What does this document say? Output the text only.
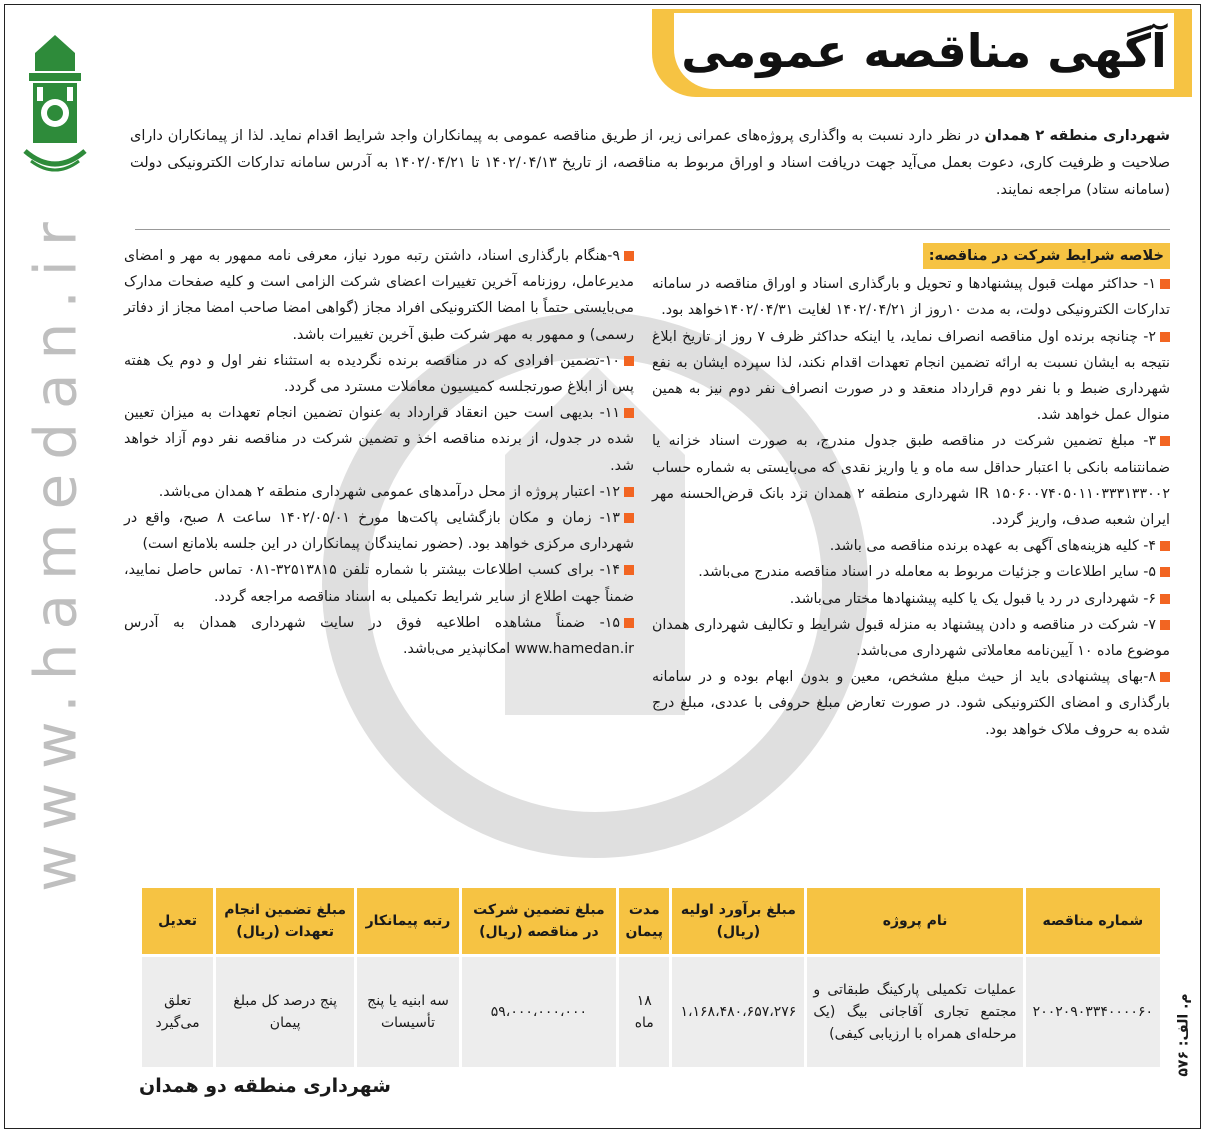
آگهی مناقصه عمومی
www.hamedan.ir
شهرداری منطقه ۲ همدان در نظر دارد نسبت به واگذاری پروژه‌های عمرانی زیر، از طریق مناقصه عمومی به پیمانکاران واجد شرایط اقدام نماید. لذا از پیمانکاران دارای صلاحیت و ظرفیت کاری، دعوت بعمل می‌آید جهت دریافت اسناد و اوراق مربوط به مناقصه، از تاریخ ۱۴۰۲/۰۴/۱۳ تا ۱۴۰۲/۰۴/۲۱ به آدرس سامانه تدارکات الکترونیکی دولت (سامانه ستاد) مراجعه نمایند.
خلاصه شرایط شرکت در مناقصه:

۱- حداکثر مهلت قبول پیشنهادها و تحویل و بارگذاری اسناد و اوراق مناقصه در سامانه تدارکات الکترونیکی دولت، به مدت ۱۰روز از ۱۴۰۲/۰۴/۲۱ لغایت ۱۴۰۲/۰۴/۳۱خواهد بود.

۲- چنانچه برنده اول مناقصه انصراف نماید، یا اینکه حداکثر ظرف ۷ روز از تاریخ ابلاغ نتیجه به ایشان نسبت به ارائه تضمین انجام تعهدات اقدام نکند، لذا سپرده ایشان به نفع شهرداری ضبط و با نفر دوم قرارداد منعقد و در صورت انصراف نفر دوم نیز به همین منوال عمل خواهد شد.

۳- مبلغ تضمین شرکت در مناقصه طبق جدول مندرج، به صورت اسناد خزانه یا ضمانتنامه بانکی با اعتبار حداقل سه ماه و یا واریز نقدی که می‌بایستی به شماره حساب IR ۱۵۰۶۰۰۷۴۰۵۰۱۱۰۳۳۳۱۳۳۰۰۲ شهرداری منطقه ۲ همدان نزد بانک قرض‌الحسنه مهر ایران شعبه صدف، واریز گردد.

۴- کلیه هزینه‌های آگهی به عهده برنده مناقصه می باشد.

۵- سایر اطلاعات و جزئیات مربوط به معامله در اسناد مناقصه مندرج می‌باشد.

۶- شهرداری در رد یا قبول یک یا کلیه پیشنهادها مختار می‌باشد.

۷- شرکت در مناقصه و دادن پیشنهاد به منزله قبول شرایط و تکالیف شهرداری همدان موضوع ماده ۱۰ آیین‌نامه معاملاتی شهرداری می‌باشد.

۸-بهای پیشنهادی باید از حیث مبلغ مشخص، معین و بدون ابهام بوده و در سامانه بارگذاری و امضای الکترونیکی شود. در صورت تعارض مبلغ حروفی با عددی، مبلغ درج شده به حروف ملاک خواهد بود.

۹-هنگام بارگذاری اسناد، داشتن رتبه مورد نیاز، معرفی نامه ممهور به مهر و امضای مدیرعامل، روزنامه آخرین تغییرات اعضای شرکت الزامی است و کلیه صفحات مدارک می‌بایستی حتماً با امضا الکترونیکی افراد مجاز (گواهی امضا صاحب امضا مجاز از دفاتر رسمی) و ممهور به مهر شرکت طبق آخرین تغییرات باشد.

۱۰-تضمین افرادی که در مناقصه برنده نگردیده به استثناء نفر اول و دوم یک هفته پس از ابلاغ صورتجلسه کمیسیون معاملات مسترد می گردد.

۱۱- بدیهی است حین انعقاد قرارداد به عنوان تضمین انجام تعهدات به میزان تعیین شده در جدول، از برنده مناقصه اخذ و تضمین شرکت در مناقصه نفر دوم آزاد خواهد شد.

۱۲- اعتبار پروژه از محل درآمدهای عمومی شهرداری منطقه ۲ همدان می‌باشد.

۱۳- زمان و مکان بازگشایی پاکت‌ها مورخ ۱۴۰۲/۰۵/۰۱ ساعت ۸ صبح، واقع در شهرداری مرکزی خواهد بود. (حضور نمایندگان پیمانکاران در این جلسه بلامانع است)

۱۴- برای کسب اطلاعات بیشتر با شماره تلفن ۳۲۵۱۳۸۱۵-۰۸۱ تماس حاصل نمایید، ضمناً جهت اطلاع از سایر شرایط تکمیلی به اسناد مناقصه مراجعه گردد.

۱۵- ضمناً مشاهده اطلاعیه فوق در سایت شهرداری همدان به آدرس www.hamedan.ir امکانپذیر می‌باشد.

شماره مناقصه	نام پروژه	مبلغ برآورد اولیه (ریال)	مدت پیمان	مبلغ تضمین شرکت در مناقصه (ریال)	رتبه پیمانکار	مبلغ تضمین انجام تعهدات (ریال)	تعدیل
۲۰۰۲۰۹۰۳۳۴۰۰۰۰۶۰	عملیات تکمیلی پارکینگ طبقاتی و مجتمع تجاری آقاجانی بیگ (یک مرحله‌ای همراه با ارزیابی کیفی)	۱،۱۶۸،۴۸۰،۶۵۷،۲۷۶	۱۸ ماه	۵۹،۰۰۰،۰۰۰،۰۰۰	سه ابنیه یا پنج تأسیسات	پنج درصد کل مبلغ پیمان	تعلق می‌گیرد
شهرداری منطقه دو همدان
م. الف: ۵۷۶
